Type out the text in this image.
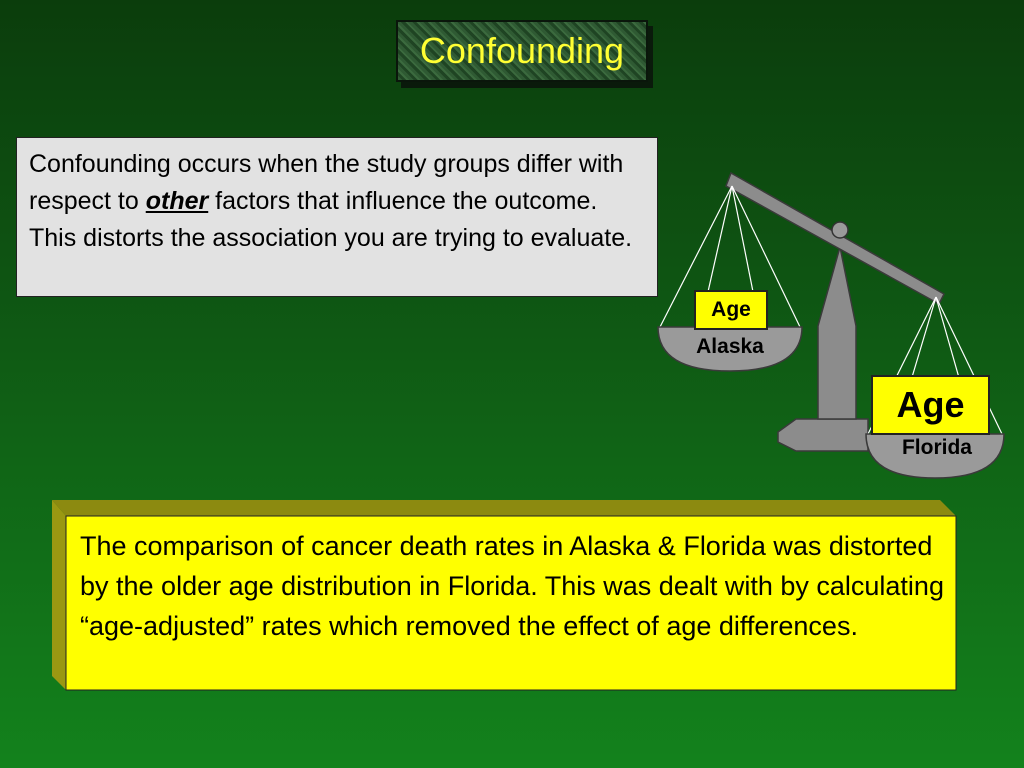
Confounding
Confounding occurs when the study groups differ with respect to other factors that influence the outcome. This distorts the association you are trying to evaluate.
Age
Alaska
Age
Florida
The comparison of cancer death rates in Alaska & Florida was distorted by the older age distribution in Florida. This was dealt with by calculating “age-adjusted” rates which removed the effect of age differences.
